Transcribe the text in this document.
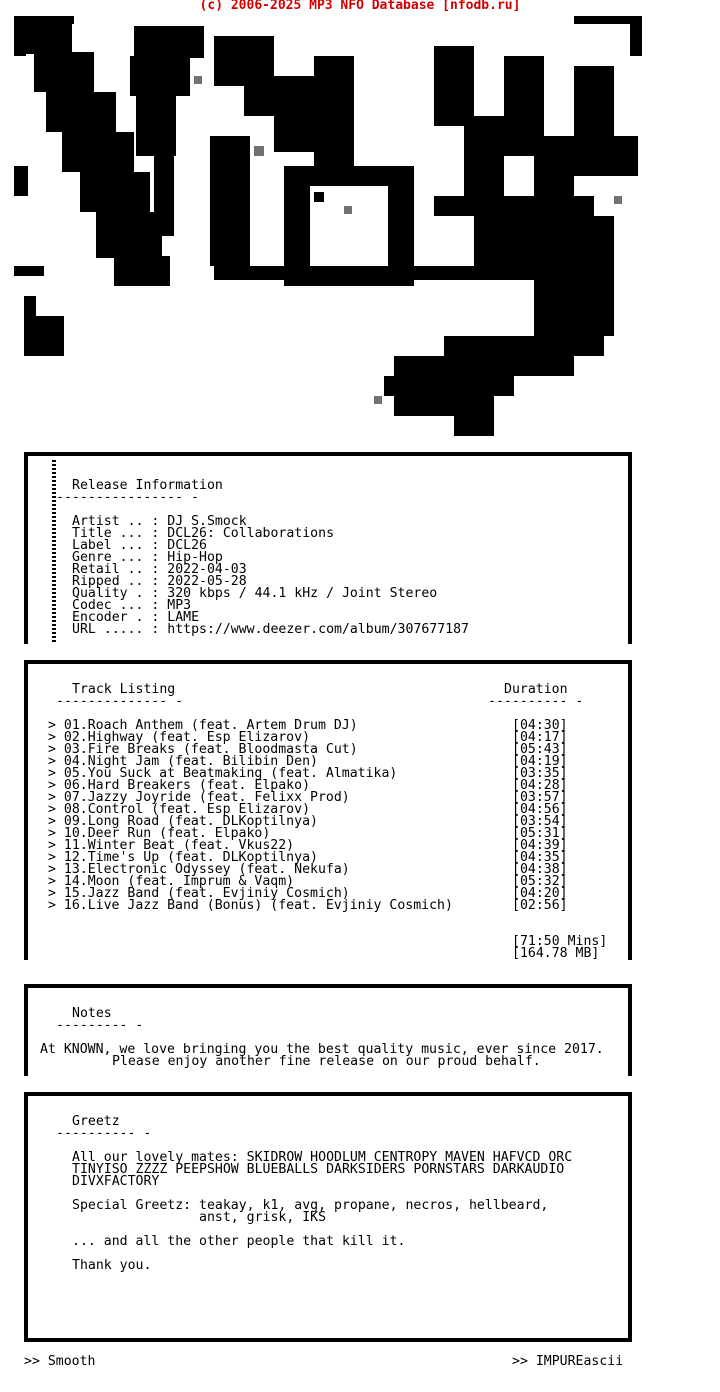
(c) 2006-2025 MP3 NFO Database [nfodb.ru]
sM
Release Information
---------------- -
Artist .. : DJ S.Smock
Title ... : DCL26: Collaborations
Label ... : DCL26
Genre ... : Hip-Hop
Retail .. : 2022-04-03
Ripped .. : 2022-05-28
Quality . : 320 kbps / 44.1 kHz / Joint Stereo
Codec ... : MP3
Encoder . : LAME
URL ..... : https://www.deezer.com/album/307677187
Track Listing
-------------- -
Duration
---------- -
> 01.Roach Anthem (feat. Artem Drum DJ)	[04:30]
> 02.Highway (feat. Esp Elizarov)	[04:17]
> 03.Fire Breaks (feat. Bloodmasta Cut)	[05:43]
> 04.Night Jam (feat. Bilibin Den)	[04:19]
> 05.You Suck at Beatmaking (feat. Almatika)	[03:35]
> 06.Hard Breakers (feat. Elpako)	[04:28]
> 07.Jazzy Joyride (feat. Felixx Prod)	[03:57]
> 08.Control (feat. Esp Elizarov)	[04:56]
> 09.Long Road (feat. DLKoptilnya)	[03:54]
> 10.Deer Run (feat. Elpako)	[05:31]
> 11.Winter Beat (feat. Vkus22)	[04:39]
> 12.Time's Up (feat. DLKoptilnya)	[04:35]
> 13.Electronic Odyssey (feat. Nekufa)	[04:38]
> 14.Moon (feat. Imprum & Vaqm)	[05:32]
> 15.Jazz Band (feat. Evjiniy Cosmich)	[04:20]
> 16.Live Jazz Band (Bonus) (feat. Evjiniy Cosmich)	[02:56]
[71:50 Mins]
[164.78 MB]
Notes
--------- -
At KNOWN, we love bringing you the best quality music, ever since 2017.
Please enjoy another fine release on our proud behalf.
Greetz
---------- -
All our lovely mates: SKIDROW HOODLUM CENTROPY MAVEN HAFVCD ORC
TINYISO ZZZZ PEEPSHOW BLUEBALLS DARKSIDERS PORNSTARS DARKAUDIO
DIVXFACTORY
Special Greetz: teakay, k1, avg, propane, necros, hellbeard,
anst, grisk, IKS
... and all the other people that kill it.
Thank you.
>> Smooth	>> IMPUREascii
